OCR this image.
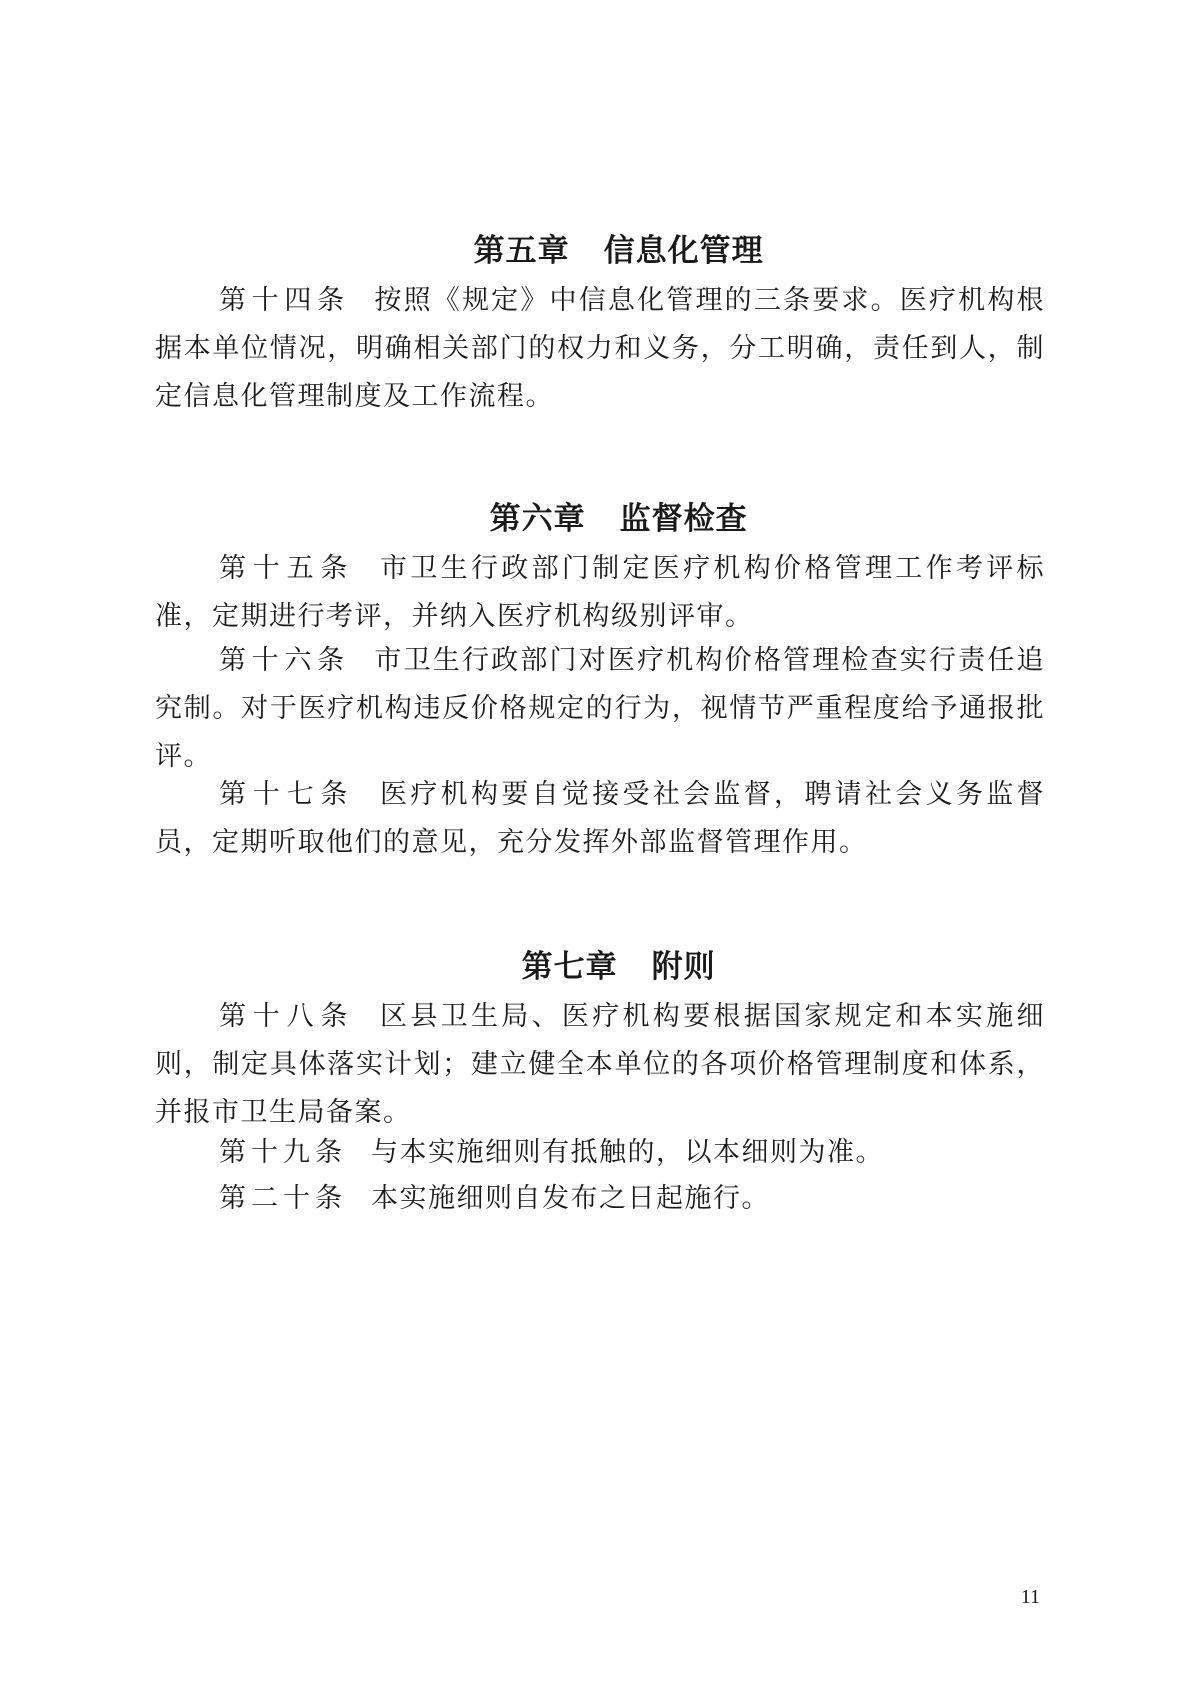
第五章 信息化管理

第十四条 按照《规定》中信息化管理的三条要求。医疗机构根据本单位情况，明确相关部门的权力和义务，分工明确，责任到人，制定信息化管理制度及工作流程。

第六章 监督检查

第十五条 市卫生行政部门制定医疗机构价格管理工作考评标准，定期进行考评，并纳入医疗机构级别评审。
第十六条 市卫生行政部门对医疗机构价格管理检查实行责任追究制。对于医疗机构违反价格规定的行为，视情节严重程度给予通报批评。
第十七条 医疗机构要自觉接受社会监督，聘请社会义务监督员，定期听取他们的意见，充分发挥外部监督管理作用。

第七章 附则

第十八条 区县卫生局、医疗机构要根据国家规定和本实施细则，制定具体落实计划；建立健全本单位的各项价格管理制度和体系，并报市卫生局备案。
第十九条 与本实施细则有抵触的，以本细则为准。
第二十条 本实施细则自发布之日起施行。
11
